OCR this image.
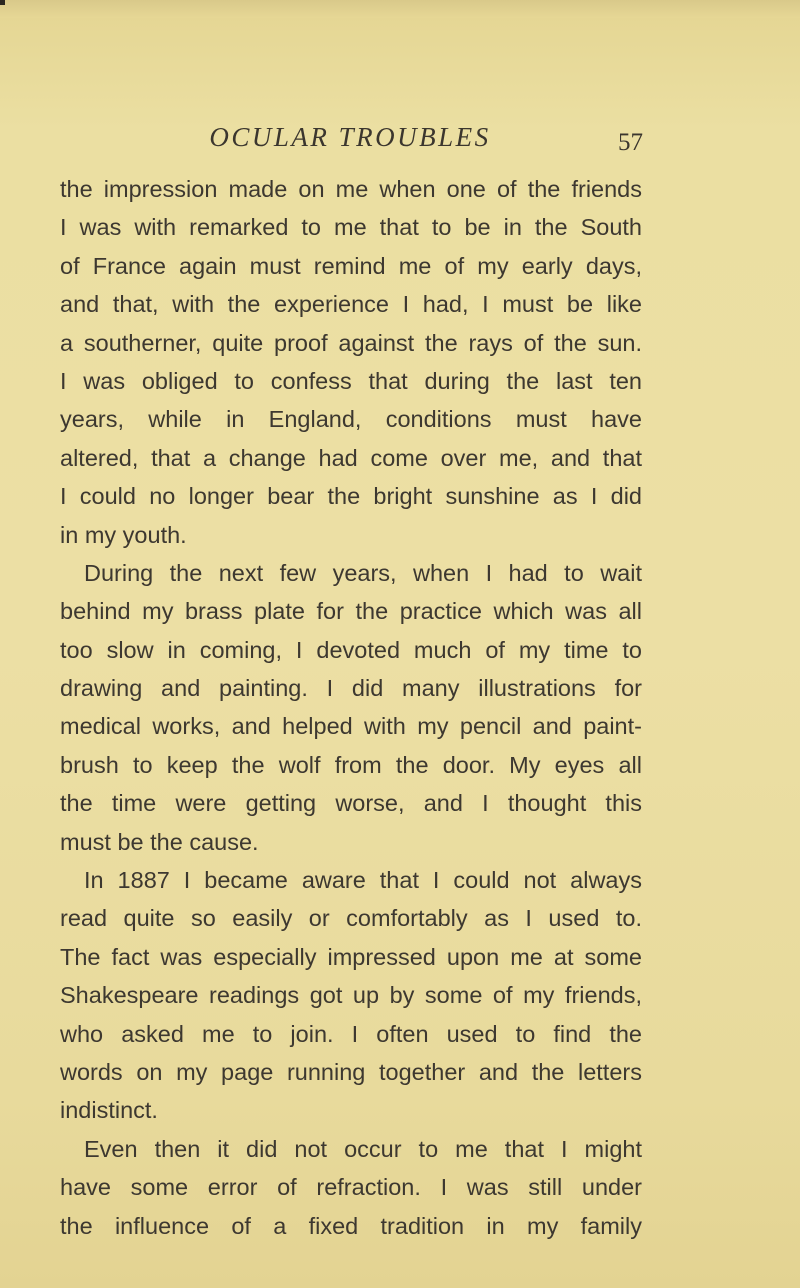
OCULAR TROUBLES	57
the impression made on me when one of the friends
I was with remarked to me that to be in the South
of France again must remind me of my early days,
and that, with the experience I had, I must be like
a southerner, quite proof against the rays of the sun.
I was obliged to confess that during the last ten
years, while in England, conditions must have
altered, that a change had come over me, and that
I could no longer bear the bright sunshine as I did
in my youth.
During the next few years, when I had to wait
behind my brass plate for the practice which was all
too slow in coming, I devoted much of my time to
drawing and painting. I did many illustrations for
medical works, and helped with my pencil and paint-
brush to keep the wolf from the door. My eyes all
the time were getting worse, and I thought this
must be the cause.
In 1887 I became aware that I could not always
read quite so easily or comfortably as I used to.
The fact was especially impressed upon me at some
Shakespeare readings got up by some of my friends,
who asked me to join. I often used to find the
words on my page running together and the letters
indistinct.
Even then it did not occur to me that I might
have some error of refraction. I was still under
the influence of a fixed tradition in my family
